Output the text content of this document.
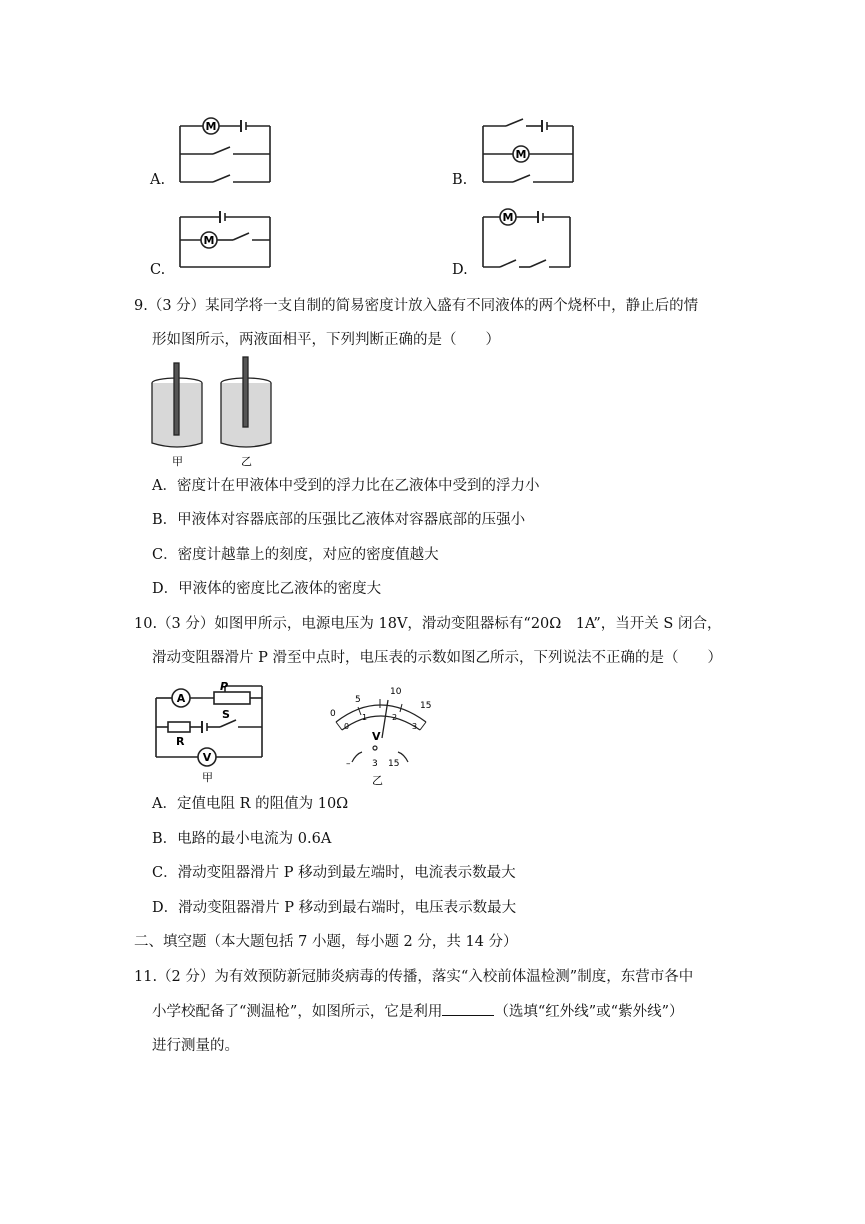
A.
M
B.
M
C.
M
D.
M
9.（3 分）某同学将一支自制的简易密度计放入盛有不同液体的两个烧杯中，静止后的情
形如图所示，两液面相平，下列判断正确的是（　　）
甲	乙
A．密度计在甲液体中受到的浮力比在乙液体中受到的浮力小
B．甲液体对容器底部的压强比乙液体对容器底部的压强小
C．密度计越靠上的刻度，对应的密度值越大
D．甲液体的密度比乙液体的密度大
10.（3 分）如图甲所示，电源电压为 18V，滑动变阻器标有“20Ω　1A”，当开关 S 闭合，
滑动变阻器滑片 P 滑至中点时，电压表的示数如图乙所示，下列说法不正确的是（　　）
A
P
S
R
V
甲
5
10
15
0
0
1	2
3
V
– 3 15
乙
A．定值电阻 R 的阻值为 10Ω
B．电路的最小电流为 0.6A
C．滑动变阻器滑片 P 移动到最左端时，电流表示数最大
D．滑动变阻器滑片 P 移动到最右端时，电压表示数最大
二、填空题（本大题包括 7 小题，每小题 2 分，共 14 分）
11.（2 分）为有效预防新冠肺炎病毒的传播，落实“入校前体温检测”制度，东营市各中
小学校配备了“测温枪”，如图所示，它是利用	（选填“红外线”或“紫外线”）
进行测量的。
